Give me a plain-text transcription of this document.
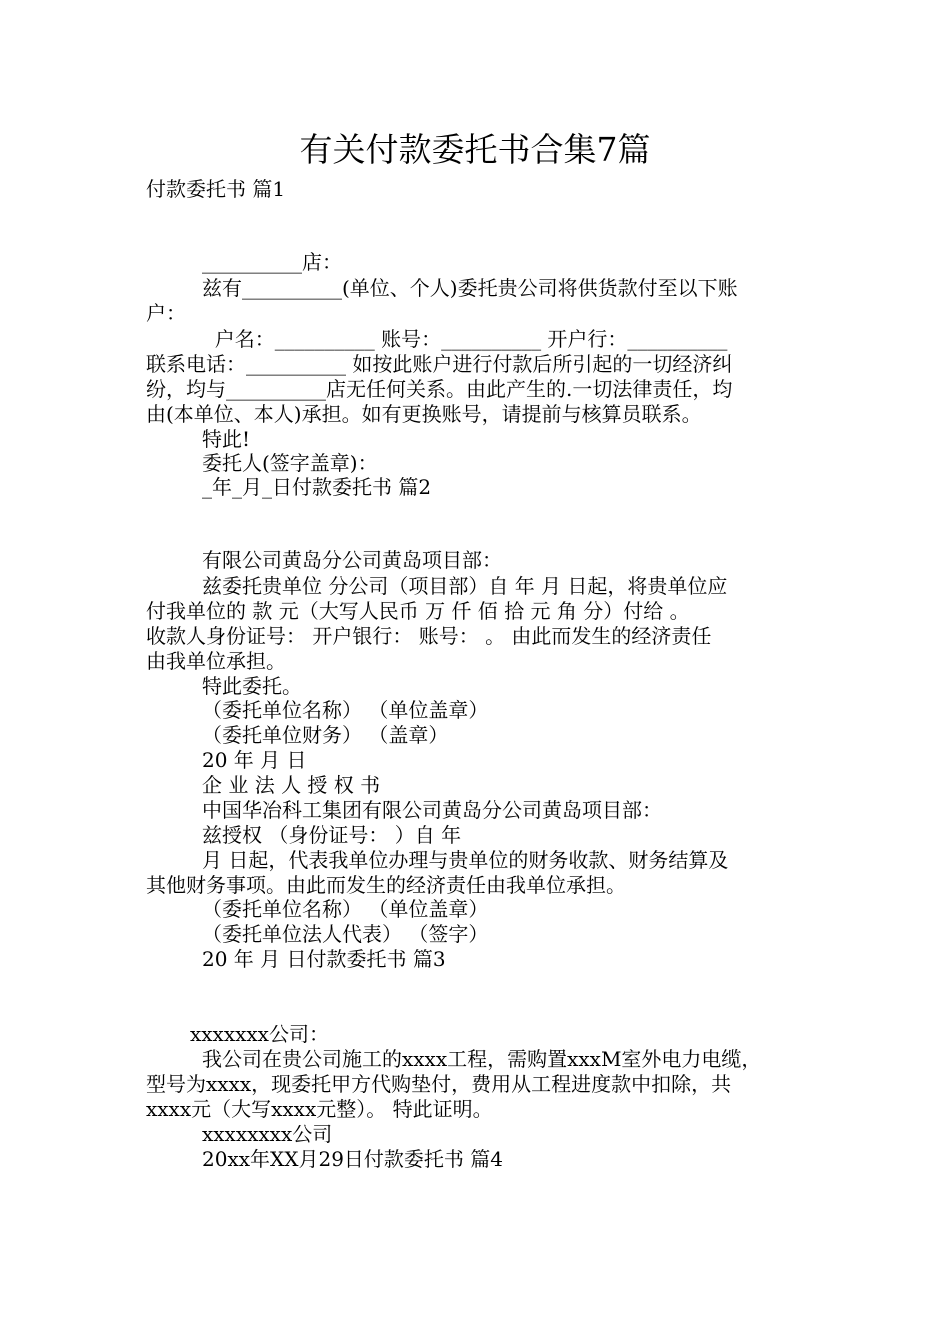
有关付款委托书合集7篇

付款委托书 篇1

__________店：

兹有__________(单位、个人)委托贵公司将供货款付至以下账

户：

户名：__________ 账号：__________ 开户行：__________

联系电话：__________ 如按此账户进行付款后所引起的一切经济纠

纷，均与__________店无任何关系。由此产生的.一切法律责任，均

由(本单位、本人)承担。如有更换账号，请提前与核算员联系。

特此!

委托人(签字盖章)：

_年_月_日付款委托书 篇2

有限公司黄岛分公司黄岛项目部：

兹委托贵单位 分公司（项目部）自 年 月 日起，将贵单位应

付我单位的 款 元（大写人民币 万 仟 佰 拾 元 角 分）付给 。

收款人身份证号： 开户银行： 账号： 。 由此而发生的经济责任

由我单位承担。

特此委托。

（委托单位名称） （单位盖章）

（委托单位财务） （盖章）

20 年 月 日

企 业 法 人 授 权 书

中国华冶科工集团有限公司黄岛分公司黄岛项目部：

兹授权 （身份证号： ）自 年

月 日起，代表我单位办理与贵单位的财务收款、财务结算及

其他财务事项。由此而发生的经济责任由我单位承担。

（委托单位名称） （单位盖章）

（委托单位法人代表） （签字）

20 年 月 日付款委托书 篇3

xxxxxxx公司：

我公司在贵公司施工的xxxx工程，需购置xxxM室外电力电缆，

型号为xxxx，现委托甲方代购垫付，费用从工程进度款中扣除，共

xxxx元（大写xxxx元整）。 特此证明。

xxxxxxxx公司

20xx年XX月29日付款委托书 篇4
